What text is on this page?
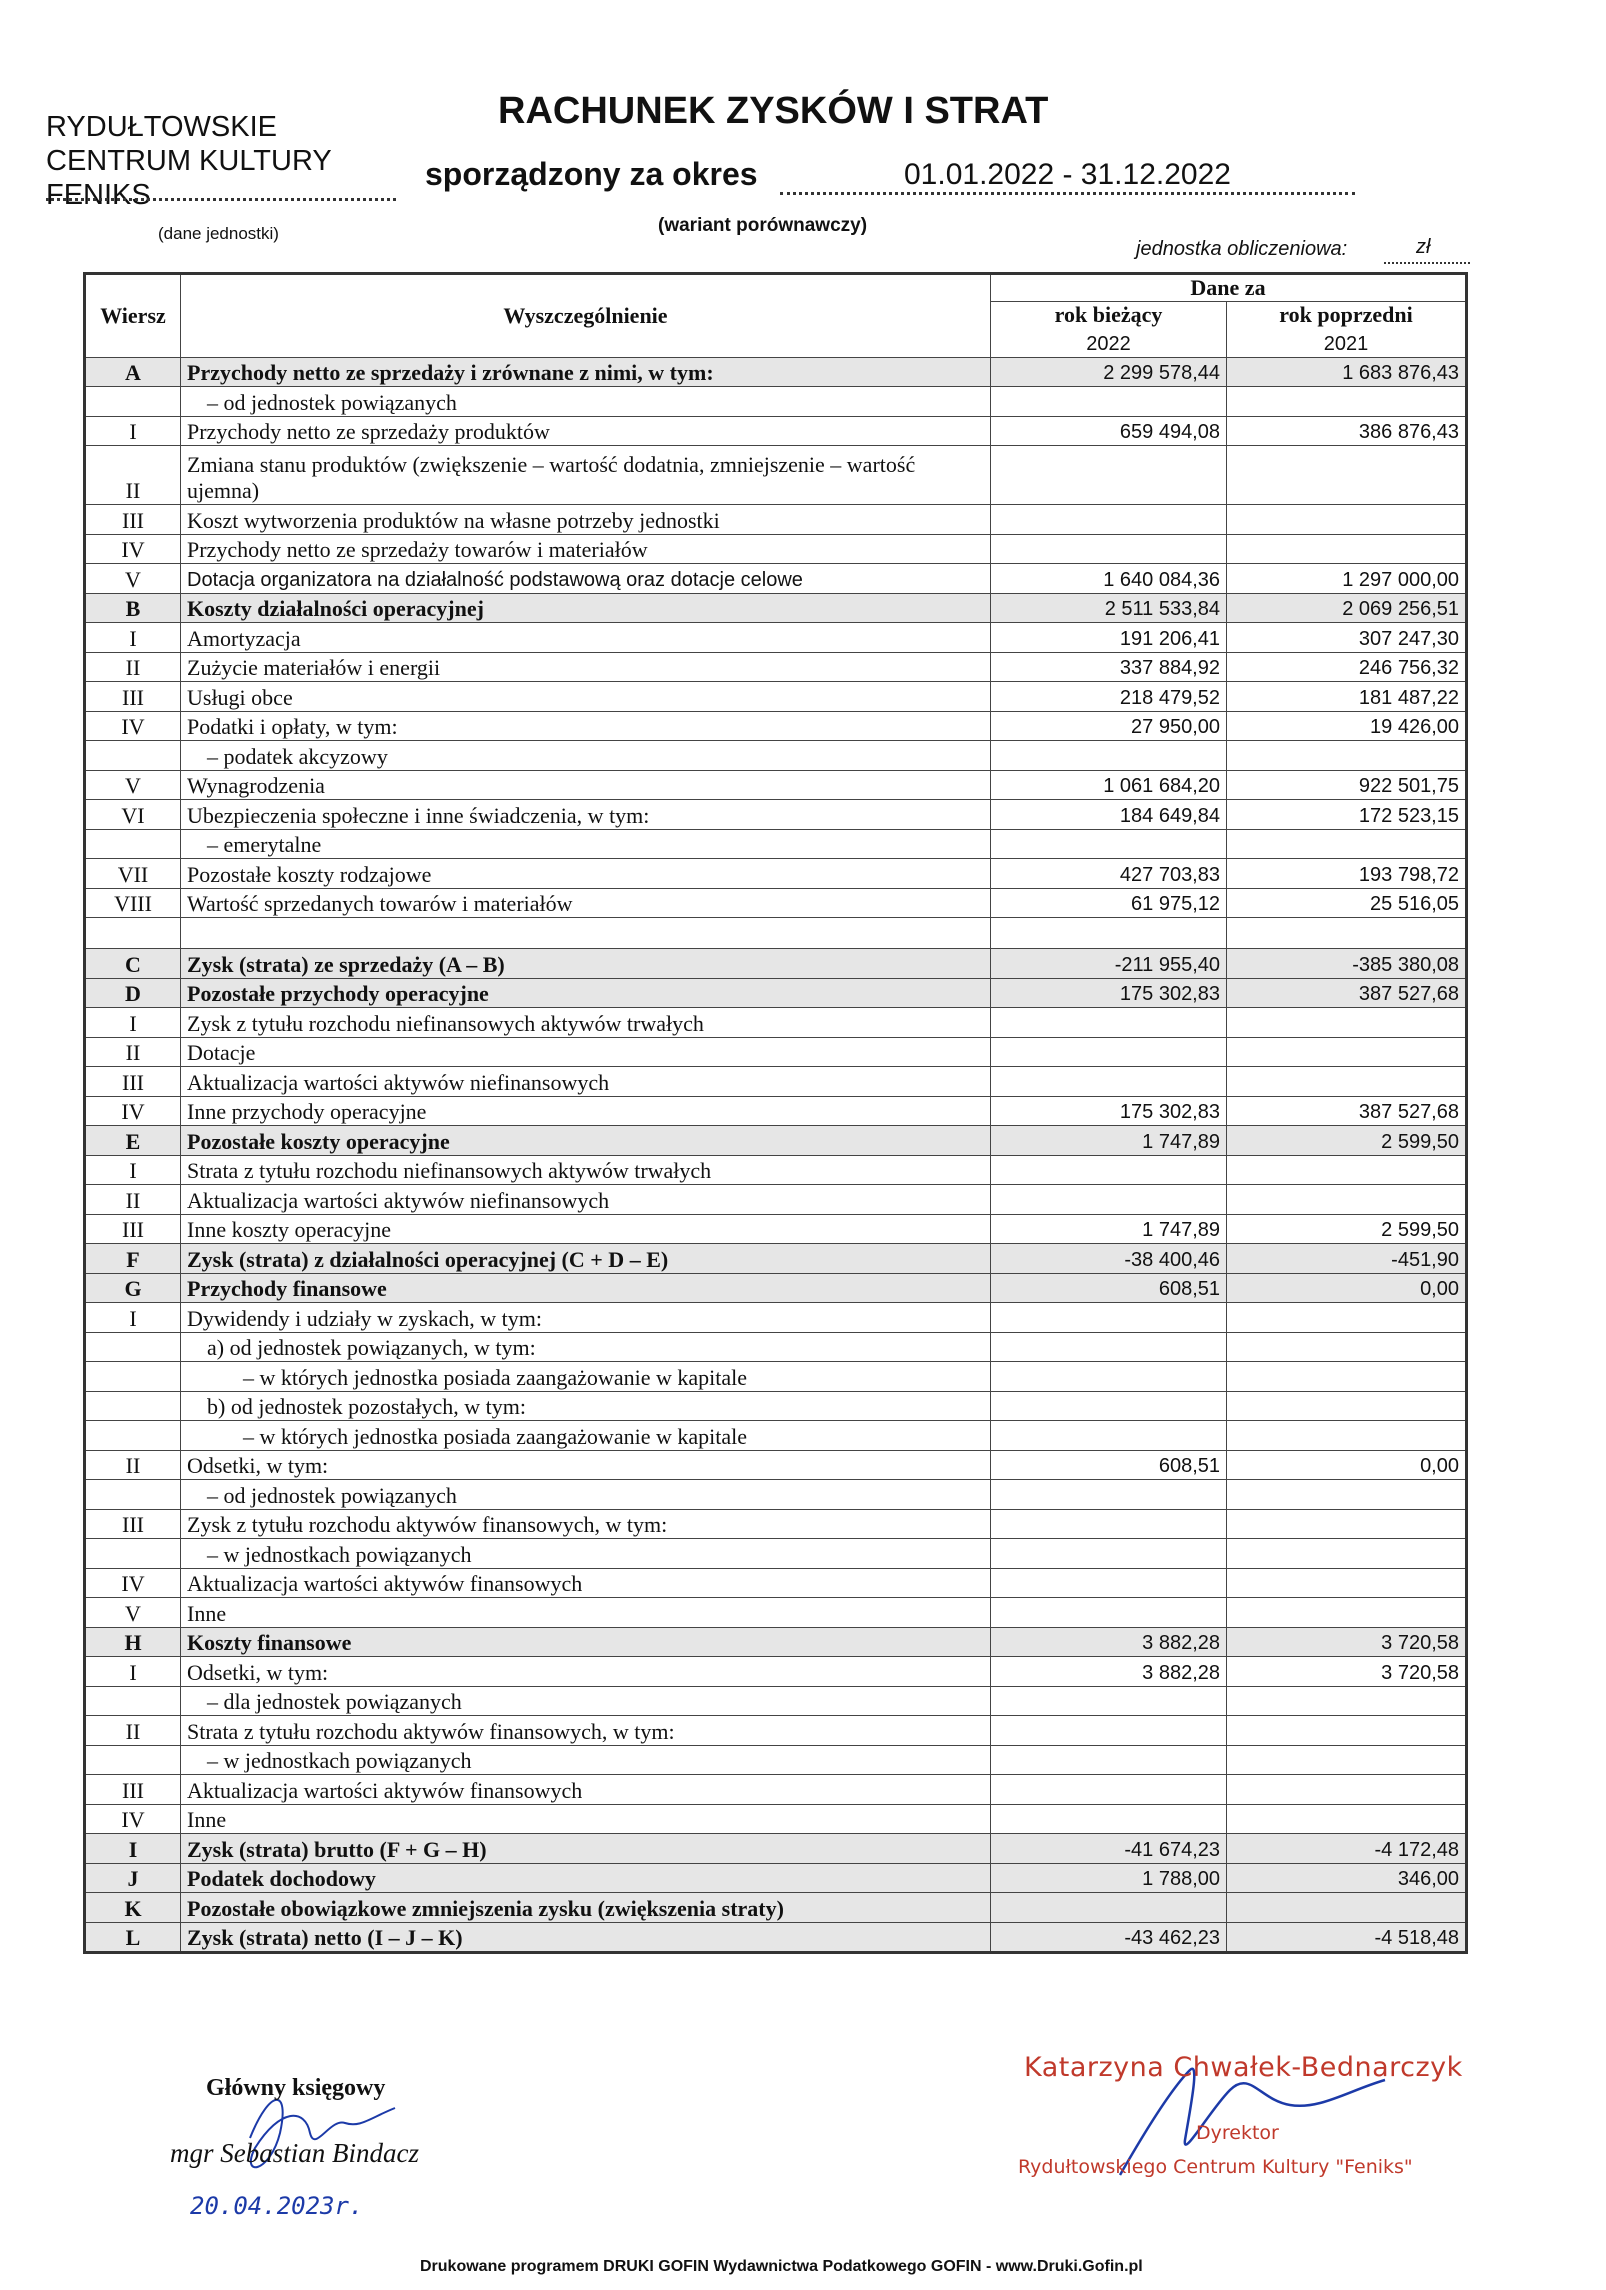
RYDUŁTOWSKIE
CENTRUM KULTURY
FENIKS
(dane jednostki)
RACHUNEK ZYSKÓW I STRAT
sporządzony za okres	01.01.2022 - 31.12.2022
(wariant porównawczy)
jednostka obliczeniowa:	zł
Wiersz	Wyszczególnienie	Dane za	
		rok bieżący	rok poprzedni
		2022	2021
A	Przychody netto ze sprzedaży i zrównane z nimi, w tym:	2 299 578,44	1 683 876,43
	– od jednostek powiązanych		
I	Przychody netto ze sprzedaży produktów	659 494,08	386 876,43
II	Zmiana stanu produktów (zwiększenie – wartość dodatnia, zmniejszenie – wartość ujemna)		
III	Koszt wytworzenia produktów na własne potrzeby jednostki		
IV	Przychody netto ze sprzedaży towarów i materiałów		
V	Dotacja organizatora na działalność podstawową oraz dotacje celowe	1 640 084,36	1 297 000,00
B	Koszty działalności operacyjnej	2 511 533,84	2 069 256,51
I	Amortyzacja	191 206,41	307 247,30
II	Zużycie materiałów i energii	337 884,92	246 756,32
III	Usługi obce	218 479,52	181 487,22
IV	Podatki i opłaty, w tym:	27 950,00	19 426,00
	– podatek akcyzowy		
V	Wynagrodzenia	1 061 684,20	922 501,75
VI	Ubezpieczenia społeczne i inne świadczenia, w tym:	184 649,84	172 523,15
	– emerytalne		
VII	Pozostałe koszty rodzajowe	427 703,83	193 798,72
VIII	Wartość sprzedanych towarów i materiałów	61 975,12	25 516,05

C	Zysk (strata) ze sprzedaży (A – B)	-211 955,40	-385 380,08
D	Pozostałe przychody operacyjne	175 302,83	387 527,68
I	Zysk z tytułu rozchodu niefinansowych aktywów trwałych		
II	Dotacje		
III	Aktualizacja wartości aktywów niefinansowych		
IV	Inne przychody operacyjne	175 302,83	387 527,68
E	Pozostałe koszty operacyjne	1 747,89	2 599,50
I	Strata z tytułu rozchodu niefinansowych aktywów trwałych		
II	Aktualizacja wartości aktywów niefinansowych		
III	Inne koszty operacyjne	1 747,89	2 599,50
F	Zysk (strata) z działalności operacyjnej (C + D – E)	-38 400,46	-451,90
G	Przychody finansowe	608,51	0,00
I	Dywidendy i udziały w zyskach, w tym:		
	a) od jednostek powiązanych, w tym:		
	– w których jednostka posiada zaangażowanie w kapitale		
	b) od jednostek pozostałych, w tym:		
	– w których jednostka posiada zaangażowanie w kapitale		
II	Odsetki, w tym:	608,51	0,00
	– od jednostek powiązanych		
III	Zysk z tytułu rozchodu aktywów finansowych, w tym:		
	– w jednostkach powiązanych		
IV	Aktualizacja wartości aktywów finansowych		
V	Inne		
H	Koszty finansowe	3 882,28	3 720,58
I	Odsetki, w tym:	3 882,28	3 720,58
	– dla jednostek powiązanych		
II	Strata z tytułu rozchodu aktywów finansowych, w tym:		
	– w jednostkach powiązanych		
III	Aktualizacja wartości aktywów finansowych		
IV	Inne		
I	Zysk (strata) brutto (F + G – H)	-41 674,23	-4 172,48
J	Podatek dochodowy	1 788,00	346,00
K	Pozostałe obowiązkowe zmniejszenia zysku (zwiększenia straty)		
L	Zysk (strata) netto (I – J – K)	-43 462,23	-4 518,48
Główny księgowy
mgr Sebastian Bindacz
20.04.2023r.
Katarzyna Chwałek-Bednarczyk
Dyrektor
Rydułtowskiego Centrum Kultury "Feniks"
Drukowane programem DRUKI GOFIN Wydawnictwa Podatkowego GOFIN - www.Druki.Gofin.pl
